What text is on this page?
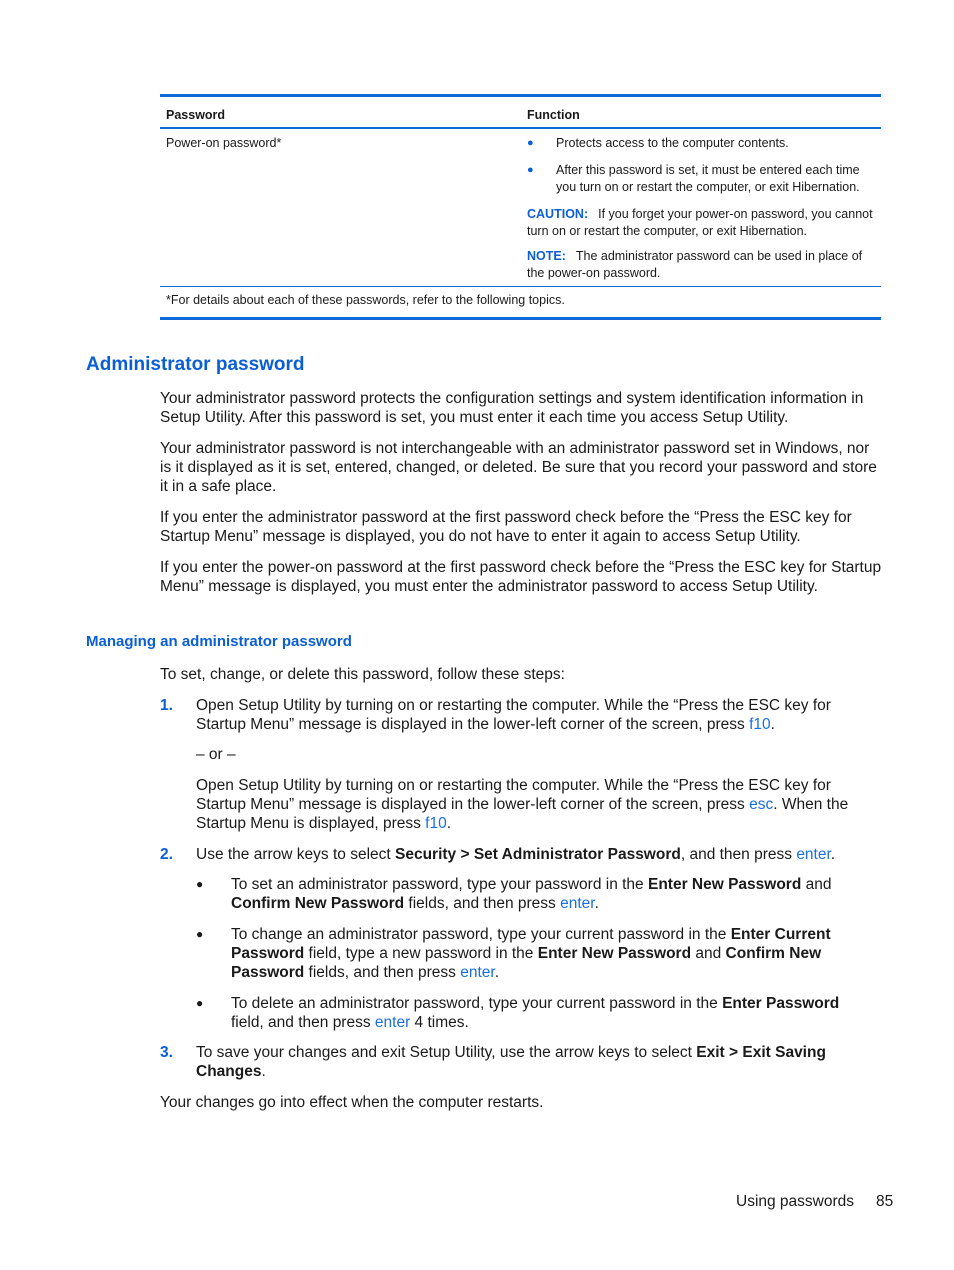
Password	Function
Power-on password*	● Protects access to the computer contents.
● After this password is set, it must be entered each time you turn on or restart the computer, or exit Hibernation.
CAUTION: If you forget your power-on password, you cannot turn on or restart the computer, or exit Hibernation.
NOTE: The administrator password can be used in place of the power-on password.
*For details about each of these passwords, refer to the following topics.
Administrator password

Your administrator password protects the configuration settings and system identification information in Setup Utility. After this password is set, you must enter it each time you access Setup Utility.

Your administrator password is not interchangeable with an administrator password set in Windows, nor is it displayed as it is set, entered, changed, or deleted. Be sure that you record your password and store it in a safe place.

If you enter the administrator password at the first password check before the “Press the ESC key for Startup Menu” message is displayed, you do not have to enter it again to access Setup Utility.

If you enter the power-on password at the first password check before the “Press the ESC key for Startup Menu” message is displayed, you must enter the administrator password to access Setup Utility.

Managing an administrator password

To set, change, or delete this password, follow these steps:

1. Open Setup Utility by turning on or restarting the computer. While the “Press the ESC key for Startup Menu” message is displayed in the lower-left corner of the screen, press f10.
– or –
Open Setup Utility by turning on or restarting the computer. While the “Press the ESC key for Startup Menu” message is displayed in the lower-left corner of the screen, press esc. When the Startup Menu is displayed, press f10.
2. Use the arrow keys to select Security > Set Administrator Password, and then press enter.
● To set an administrator password, type your password in the Enter New Password and Confirm New Password fields, and then press enter.
● To change an administrator password, type your current password in the Enter Current Password field, type a new password in the Enter New Password and Confirm New Password fields, and then press enter.
● To delete an administrator password, type your current password in the Enter Password field, and then press enter 4 times.
3. To save your changes and exit Setup Utility, use the arrow keys to select Exit > Exit Saving Changes.

Your changes go into effect when the computer restarts.

Using passwords 85
